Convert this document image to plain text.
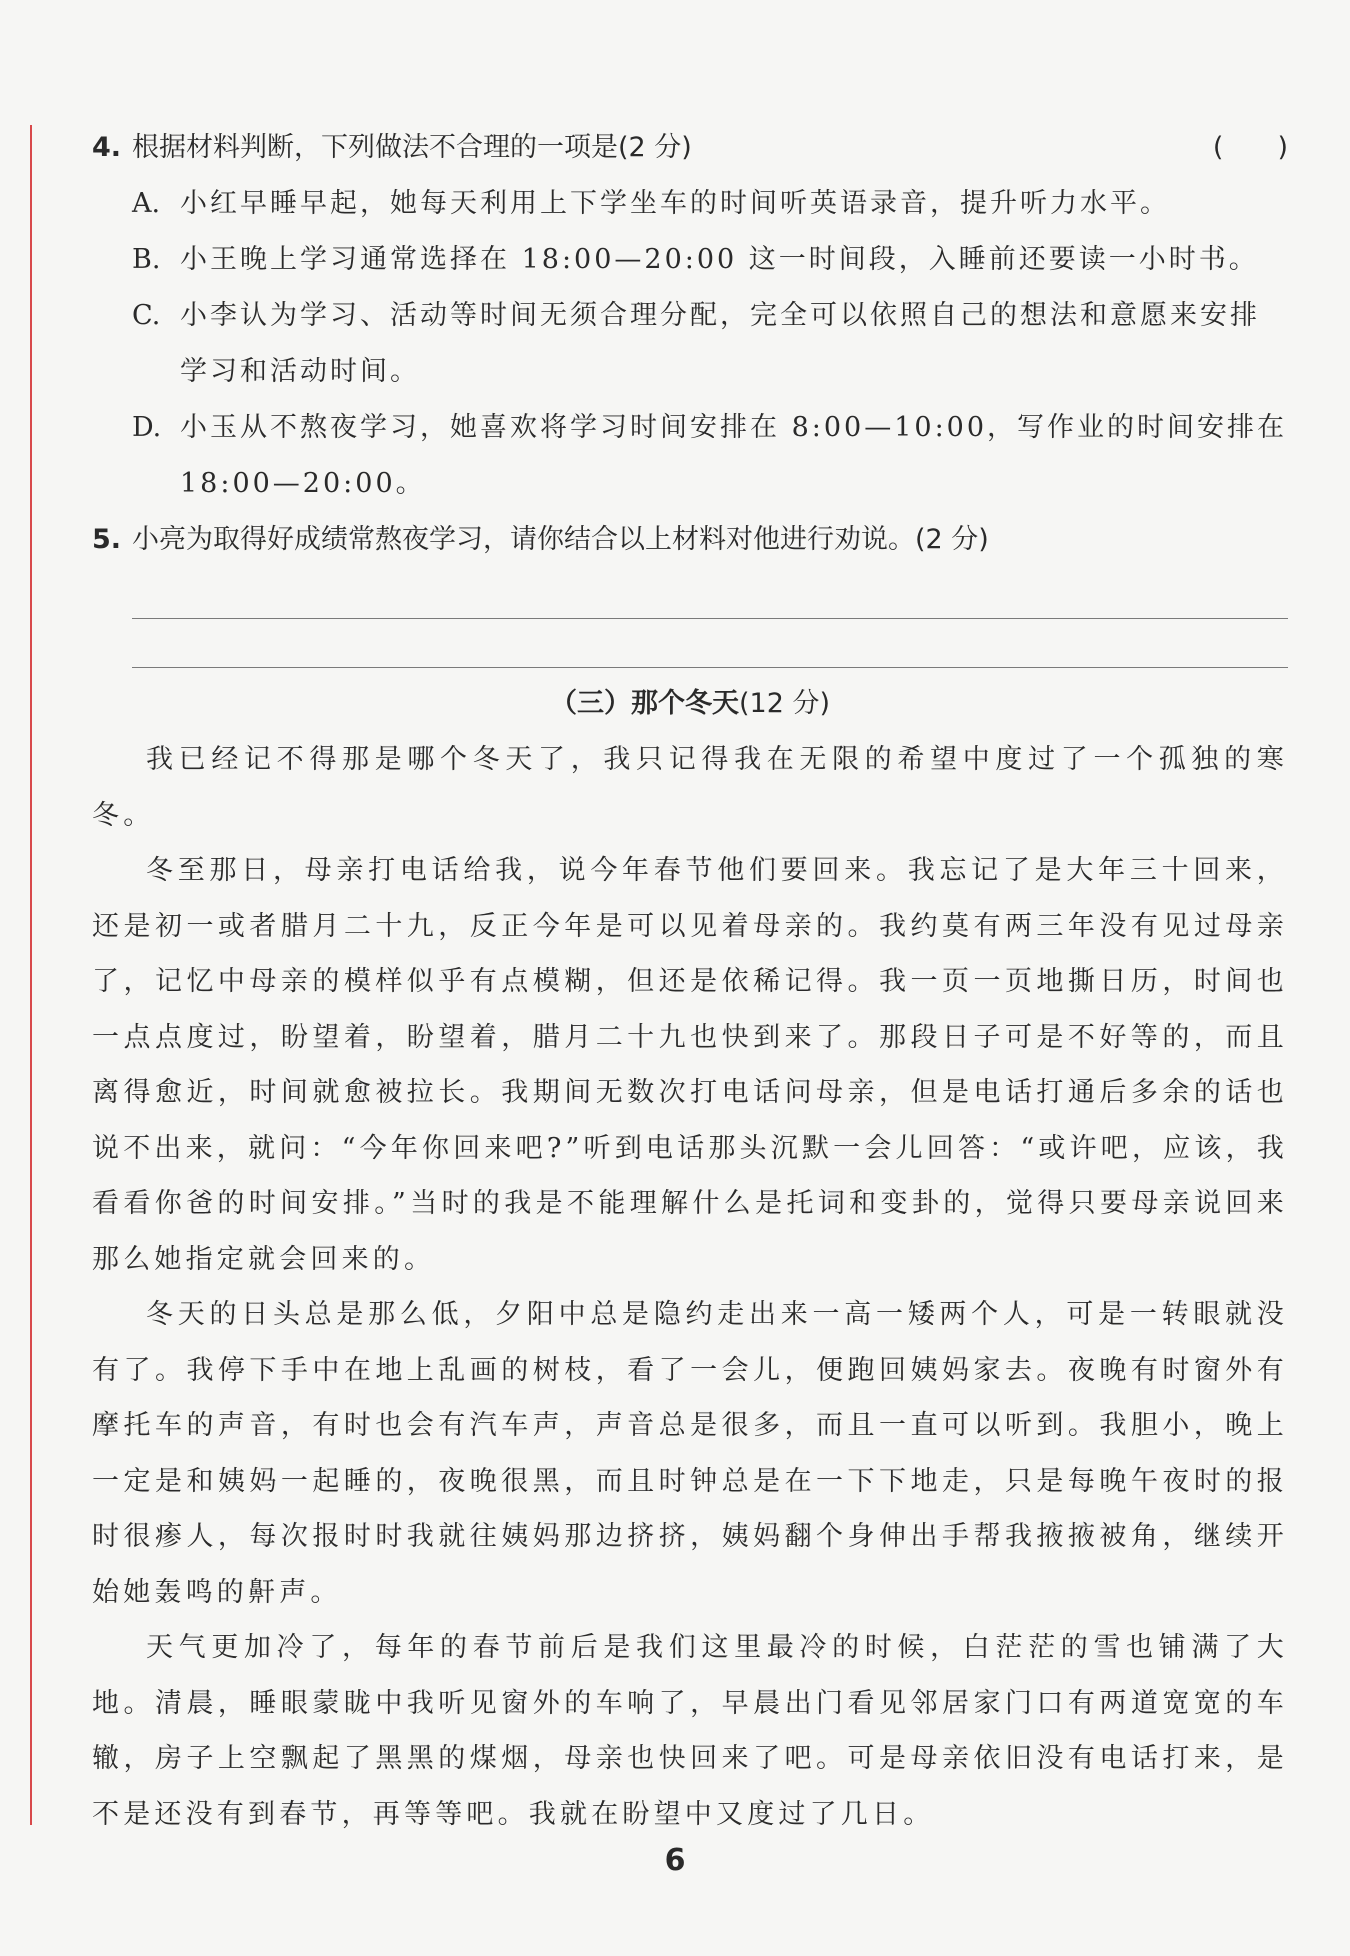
4. 根据材料判断，下列做法不合理的一项是(2 分)	(　　)
A. 小红早睡早起，她每天利用上下学坐车的时间听英语录音，提升听力水平。
B. 小王晚上学习通常选择在 18:00—20:00 这一时间段，入睡前还要读一小时书。
C. 小李认为学习、活动等时间无须合理分配，完全可以依照自己的想法和意愿来安排学习和活动时间。
D. 小玉从不熬夜学习，她喜欢将学习时间安排在 8:00—10:00，写作业的时间安排在 18:00—20:00。
5. 小亮为取得好成绩常熬夜学习，请你结合以上材料对他进行劝说。(2 分)
（三）那个冬天(12 分)

我已经记不得那是哪个冬天了，我只记得我在无限的希望中度过了一个孤独的寒冬。

冬至那日，母亲打电话给我，说今年春节他们要回来。我忘记了是大年三十回来，还是初一或者腊月二十九，反正今年是可以见着母亲的。我约莫有两三年没有见过母亲了，记忆中母亲的模样似乎有点模糊，但还是依稀记得。我一页一页地撕日历，时间也一点点度过，盼望着，盼望着，腊月二十九也快到来了。那段日子可是不好等的，而且离得愈近，时间就愈被拉长。我期间无数次打电话问母亲，但是电话打通后多余的话也说不出来，就问：“今年你回来吧?”听到电话那头沉默一会儿回答：“或许吧，应该，我看看你爸的时间安排。”当时的我是不能理解什么是托词和变卦的，觉得只要母亲说回来那么她指定就会回来的。

冬天的日头总是那么低，夕阳中总是隐约走出来一高一矮两个人，可是一转眼就没有了。我停下手中在地上乱画的树枝，看了一会儿，便跑回姨妈家去。夜晚有时窗外有摩托车的声音，有时也会有汽车声，声音总是很多，而且一直可以听到。我胆小，晚上一定是和姨妈一起睡的，夜晚很黑，而且时钟总是在一下下地走，只是每晚午夜时的报时很瘆人，每次报时时我就往姨妈那边挤挤，姨妈翻个身伸出手帮我掖掖被角，继续开始她轰鸣的鼾声。

天气更加冷了，每年的春节前后是我们这里最冷的时候，白茫茫的雪也铺满了大地。清晨，睡眼蒙眬中我听见窗外的车响了，早晨出门看见邻居家门口有两道宽宽的车辙，房子上空飘起了黑黑的煤烟，母亲也快回来了吧。可是母亲依旧没有电话打来，是不是还没有到春节，再等等吧。我就在盼望中又度过了几日。

6
